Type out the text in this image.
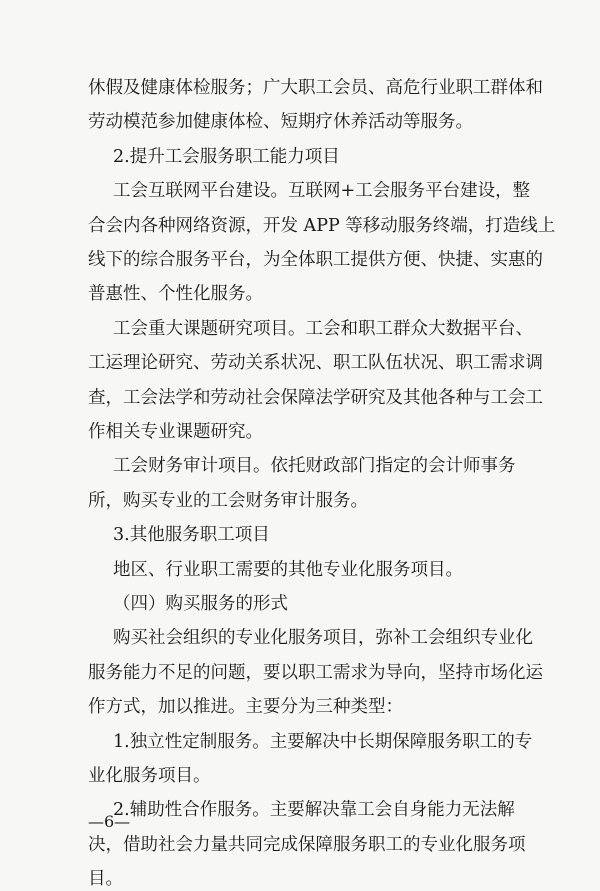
休假及健康体检服务；广大职工会员、高危行业职工群体和
劳动模范参加健康体检、短期疗休养活动等服务。
2.提升工会服务职工能力项目
工会互联网平台建设。互联网+工会服务平台建设，整
合会内各种网络资源，开发 APP 等移动服务终端，打造线上
线下的综合服务平台，为全体职工提供方便、快捷、实惠的
普惠性、个性化服务。
工会重大课题研究项目。工会和职工群众大数据平台、
工运理论研究、劳动关系状况、职工队伍状况、职工需求调
查，工会法学和劳动社会保障法学研究及其他各种与工会工
作相关专业课题研究。
工会财务审计项目。依托财政部门指定的会计师事务
所，购买专业的工会财务审计服务。
3.其他服务职工项目
地区、行业职工需要的其他专业化服务项目。
（四）购买服务的形式
购买社会组织的专业化服务项目，弥补工会组织专业化
服务能力不足的问题，要以职工需求为导向，坚持市场化运
作方式，加以推进。主要分为三种类型：
1.独立性定制服务。主要解决中长期保障服务职工的专
业化服务项目。
2.辅助性合作服务。主要解决靠工会自身能力无法解
决，借助社会力量共同完成保障服务职工的专业化服务项
目。
—6—
